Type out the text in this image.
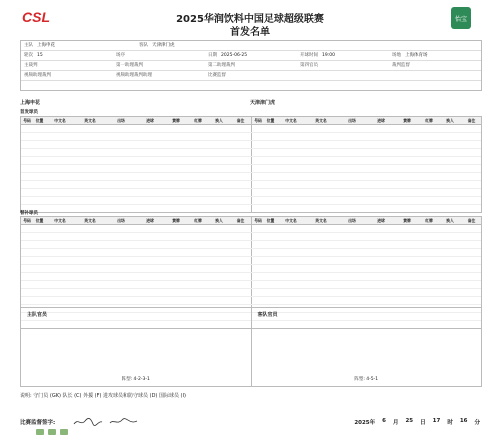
CSL	怡宝
2025华润饮料中国足球超级联赛
首发名单
主队 上海申花	客队 天津津门虎
轮次 15	场序	日期 2025-06-25	开球时间 19:00	场地 上海体育场
主裁判	第一助理裁判	第二助理裁判	第四官员	裁判监督
视频助理裁判	视频助理裁判助理	比赛监督
上海申花	天津津门虎
首发球员
号码	位置	中文名	英文名	出场	进球	黄牌	红牌	换人	备注	号码	位置	中文名	英文名	出场	进球	黄牌	红牌	换人	备注
替补球员
号码	位置	中文名	英文名	出场	进球	黄牌	红牌	换人	备注	号码	位置	中文名	英文名	出场	进球	黄牌	红牌	换人	备注
主队官员
阵型: 4-2-3-1
客队官员
阵型: 4-5-1
说明: 守门员 (GK) 队长 (C) 外援 (F) 进攻球员和防守球员 (D) 国际球员 (I)
比赛监督签字:	2025年 6 月 25 日 17 时 16 分
